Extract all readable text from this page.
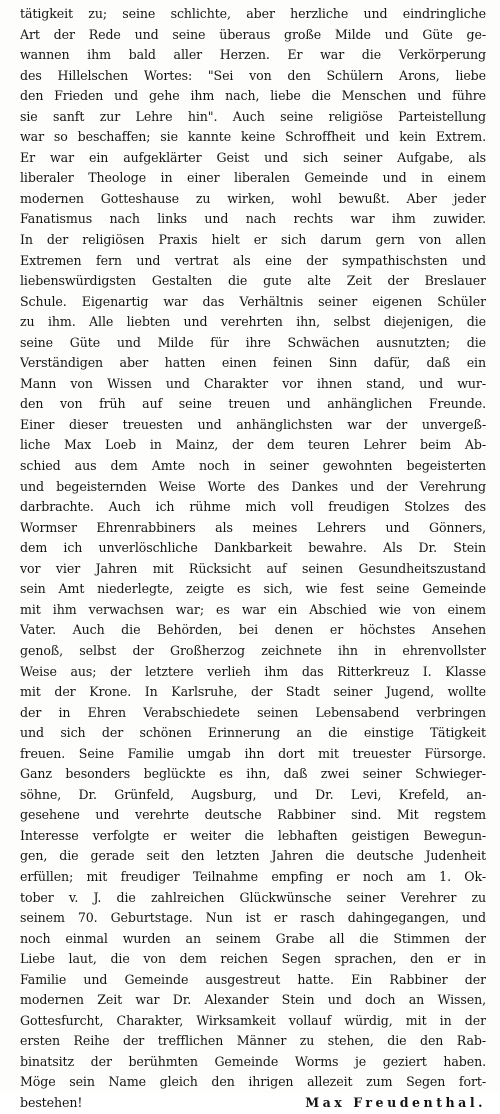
tätigkeit zu; seine schlichte, aber herzliche und eindringliche
Art der Rede und seine überaus große Milde und Güte ge-
wannen ihm bald aller Herzen. Er war die Verkörperung
des Hillelschen Wortes: "Sei von den Schülern Arons, liebe
den Frieden und gehe ihm nach, liebe die Menschen und führe
sie sanft zur Lehre hin". Auch seine religiöse Parteistellung
war so beschaffen; sie kannte keine Schroffheit und kein Extrem.
Er war ein aufgeklärter Geist und sich seiner Aufgabe, als
liberaler Theologe in einer liberalen Gemeinde und in einem
modernen Gotteshause zu wirken, wohl bewußt. Aber jeder
Fanatismus nach links und nach rechts war ihm zuwider.
In der religiösen Praxis hielt er sich darum gern von allen
Extremen fern und vertrat als eine der sympathischsten und
liebenswürdigsten Gestalten die gute alte Zeit der Breslauer
Schule. Eigenartig war das Verhältnis seiner eigenen Schüler
zu ihm. Alle liebten und verehrten ihn, selbst diejenigen, die
seine Güte und Milde für ihre Schwächen ausnutzten; die
Verständigen aber hatten einen feinen Sinn dafür, daß ein
Mann von Wissen und Charakter vor ihnen stand, und wur-
den von früh auf seine treuen und anhänglichen Freunde.
Einer dieser treuesten und anhänglichsten war der unvergeß-
liche Max Loeb in Mainz, der dem teuren Lehrer beim Ab-
schied aus dem Amte noch in seiner gewohnten begeisterten
und begeisternden Weise Worte des Dankes und der Verehrung
darbrachte. Auch ich rühme mich voll freudigen Stolzes des
Wormser Ehrenrabbiners als meines Lehrers und Gönners,
dem ich unverlöschliche Dankbarkeit bewahre. Als Dr. Stein
vor vier Jahren mit Rücksicht auf seinen Gesundheitszustand
sein Amt niederlegte, zeigte es sich, wie fest seine Gemeinde
mit ihm verwachsen war; es war ein Abschied wie von einem
Vater. Auch die Behörden, bei denen er höchstes Ansehen
genoß, selbst der Großherzog zeichnete ihn in ehrenvollster
Weise aus; der letztere verlieh ihm das Ritterkreuz I. Klasse
mit der Krone. In Karlsruhe, der Stadt seiner Jugend, wollte
der in Ehren Verabschiedete seinen Lebensabend verbringen
und sich der schönen Erinnerung an die einstige Tätigkeit
freuen. Seine Familie umgab ihn dort mit treuester Fürsorge.
Ganz besonders beglückte es ihn, daß zwei seiner Schwieger-
söhne, Dr. Grünfeld, Augsburg, und Dr. Levi, Krefeld, an-
gesehene und verehrte deutsche Rabbiner sind. Mit regstem
Interesse verfolgte er weiter die lebhaften geistigen Bewegun-
gen, die gerade seit den letzten Jahren die deutsche Judenheit
erfüllen; mit freudiger Teilnahme empfing er noch am 1. Ok-
tober v. J. die zahlreichen Glückwünsche seiner Verehrer zu
seinem 70. Geburtstage. Nun ist er rasch dahingegangen, und
noch einmal wurden an seinem Grabe all die Stimmen der
Liebe laut, die von dem reichen Segen sprachen, den er in
Familie und Gemeinde ausgestreut hatte. Ein Rabbiner der
modernen Zeit war Dr. Alexander Stein und doch an Wissen,
Gottesfurcht, Charakter, Wirksamkeit vollauf würdig, mit in der
ersten Reihe der trefflichen Männer zu stehen, die den Rab-
binatsitz der berühmten Gemeinde Worms je geziert haben.
Möge sein Name gleich den ihrigen allezeit zum Segen fort-
bestehen!	Max Freudenthal.
